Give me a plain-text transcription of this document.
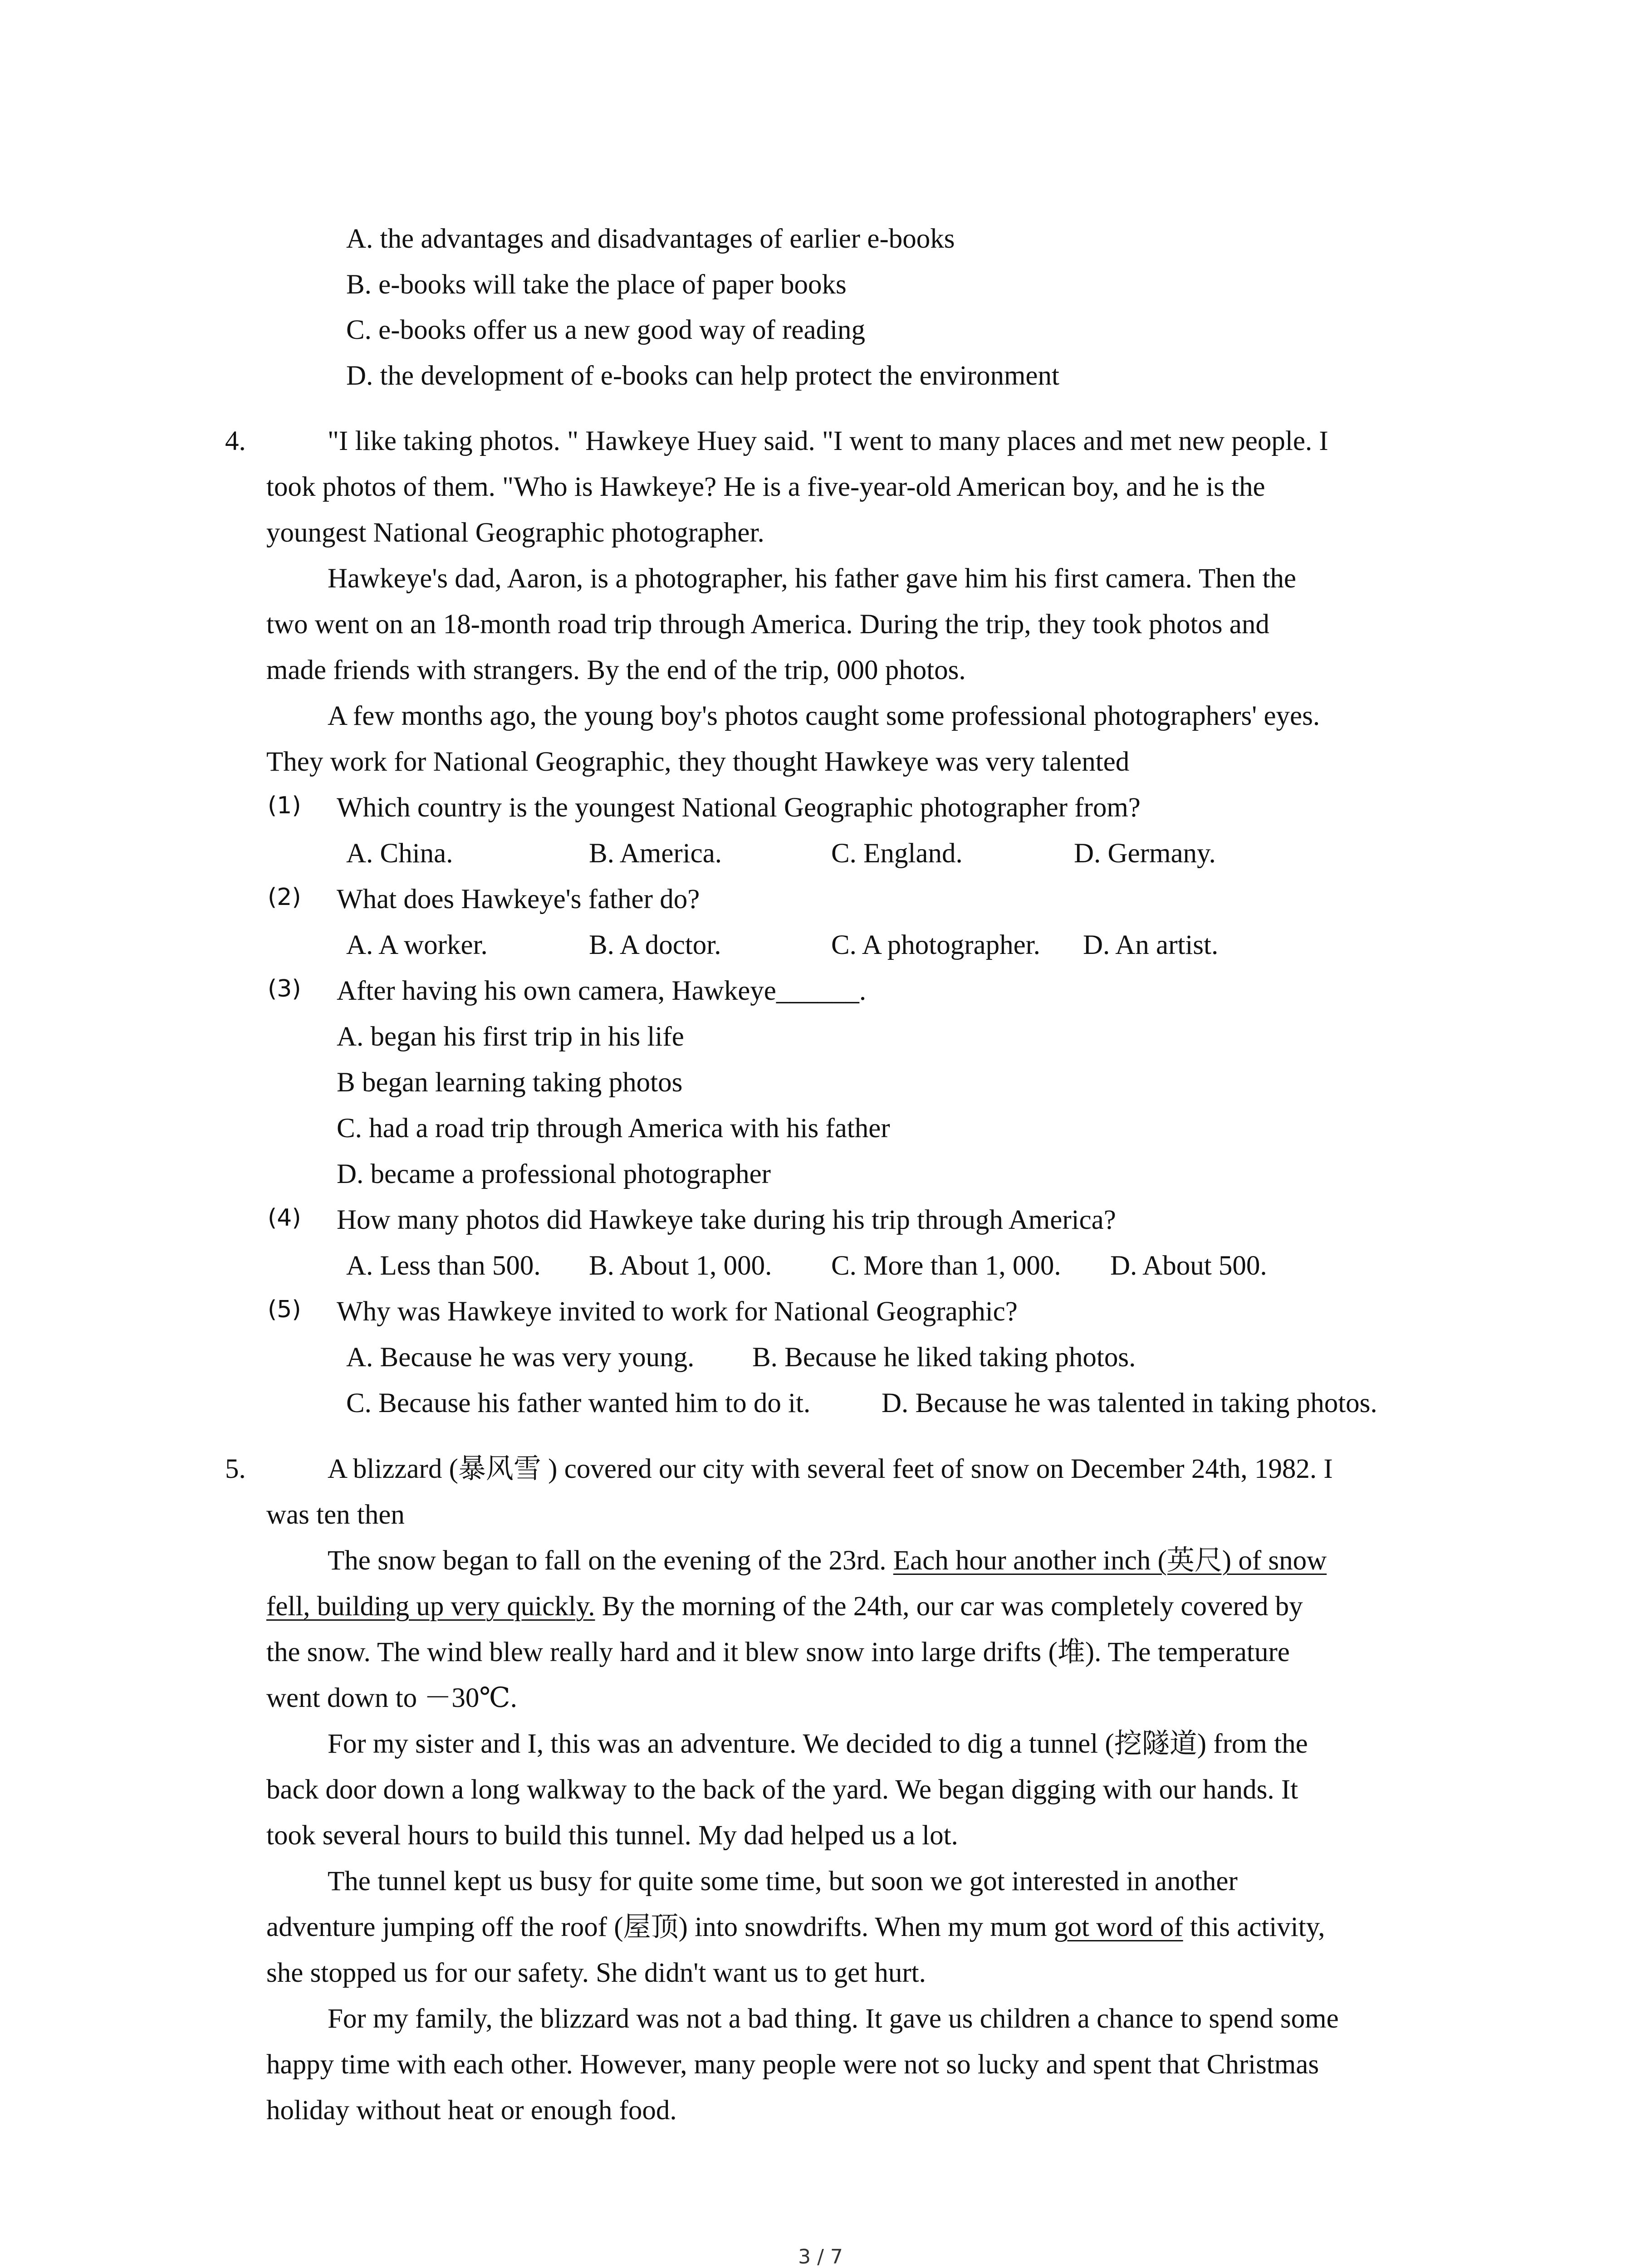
A. the advantages and disadvantages of earlier e-books
B. e-books will take the place of paper books
C. e-books offer us a new good way of reading
D. the development of e-books can help protect the environment
4.	"I like taking photos. " Hawkeye Huey said. "I went to many places and met new people. I
took photos of them. "Who is Hawkeye? He is a five-year-old American boy, and he is the
youngest National Geographic photographer.
Hawkeye's dad, Aaron, is a photographer, his father gave him his first camera. Then the
two went on an 18-month road trip through America. During the trip, they took photos and
made friends with strangers. By the end of the trip, 000 photos.
A few months ago, the young boy's photos caught some professional photographers' eyes.
They work for National Geographic, they thought Hawkeye was very talented
(1) Which country is the youngest National Geographic photographer from?
A. China.	B. America.	C. England.	D. Germany.
(2) What does Hawkeye's father do?
A. A worker.	B. A doctor.	C. A photographer. D. An artist.
(3) After having his own camera, Hawkeye______.
A. began his first trip in his life
B began learning taking photos
C. had a road trip through America with his father
D. became a professional photographer
(4) How many photos did Hawkeye take during his trip through America?
A. Less than 500. B. About 1, 000. C. More than 1, 000. D. About 500.
(5) Why was Hawkeye invited to work for National Geographic?
A. Because he was very young. B. Because he liked taking photos.
C. Because his father wanted him to do it.	D. Because he was talented in taking photos.
5.	A blizzard (暴风雪 ) covered our city with several feet of snow on December 24th, 1982. I
was ten then
The snow began to fall on the evening of the 23rd. Each hour another inch (英尺) of snow
fell, building up very quickly. By the morning of the 24th, our car was completely covered by
the snow. The wind blew really hard and it blew snow into large drifts (堆). The temperature
went down to －30℃.
For my sister and I, this was an adventure. We decided to dig a tunnel (挖隧道) from the
back door down a long walkway to the back of the yard. We began digging with our hands. It
took several hours to build this tunnel. My dad helped us a lot.
The tunnel kept us busy for quite some time, but soon we got interested in another
adventure jumping off the roof (屋顶) into snowdrifts. When my mum got word of this activity,
she stopped us for our safety. She didn't want us to get hurt.
For my family, the blizzard was not a bad thing. It gave us children a chance to spend some
happy time with each other. However, many people were not so lucky and spent that Christmas
holiday without heat or enough food.
3 / 7
